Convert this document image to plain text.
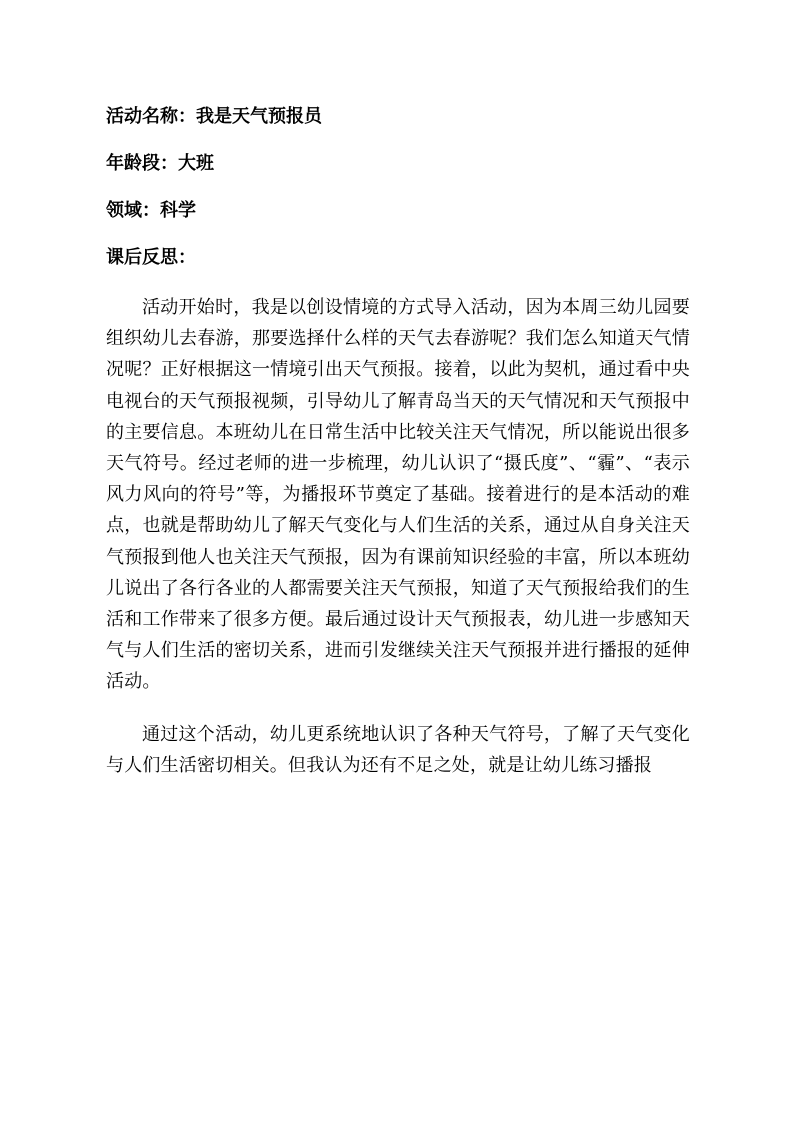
活动名称：我是天气预报员
年龄段：大班
领域：科学
课后反思：

活动开始时，我是以创设情境的方式导入活动，因为本周三幼儿园要组织幼儿去春游，那要选择什么样的天气去春游呢？我们怎么知道天气情况呢？正好根据这一情境引出天气预报。接着，以此为契机，通过看中央电视台的天气预报视频，引导幼儿了解青岛当天的天气情况和天气预报中的主要信息。本班幼儿在日常生活中比较关注天气情况，所以能说出很多天气符号。经过老师的进一步梳理，幼儿认识了“摄氏度”、“霾”、“表示风力风向的符号”等，为播报环节奠定了基础。接着进行的是本活动的难点，也就是帮助幼儿了解天气变化与人们生活的关系，通过从自身关注天气预报到他人也关注天气预报，因为有课前知识经验的丰富，所以本班幼儿说出了各行各业的人都需要关注天气预报，知道了天气预报给我们的生活和工作带来了很多方便。最后通过设计天气预报表，幼儿进一步感知天气与人们生活的密切关系，进而引发继续关注天气预报并进行播报的延伸活动。

通过这个活动，幼儿更系统地认识了各种天气符号，了解了天气变化与人们生活密切相关。但我认为还有不足之处，就是让幼儿练习播报
